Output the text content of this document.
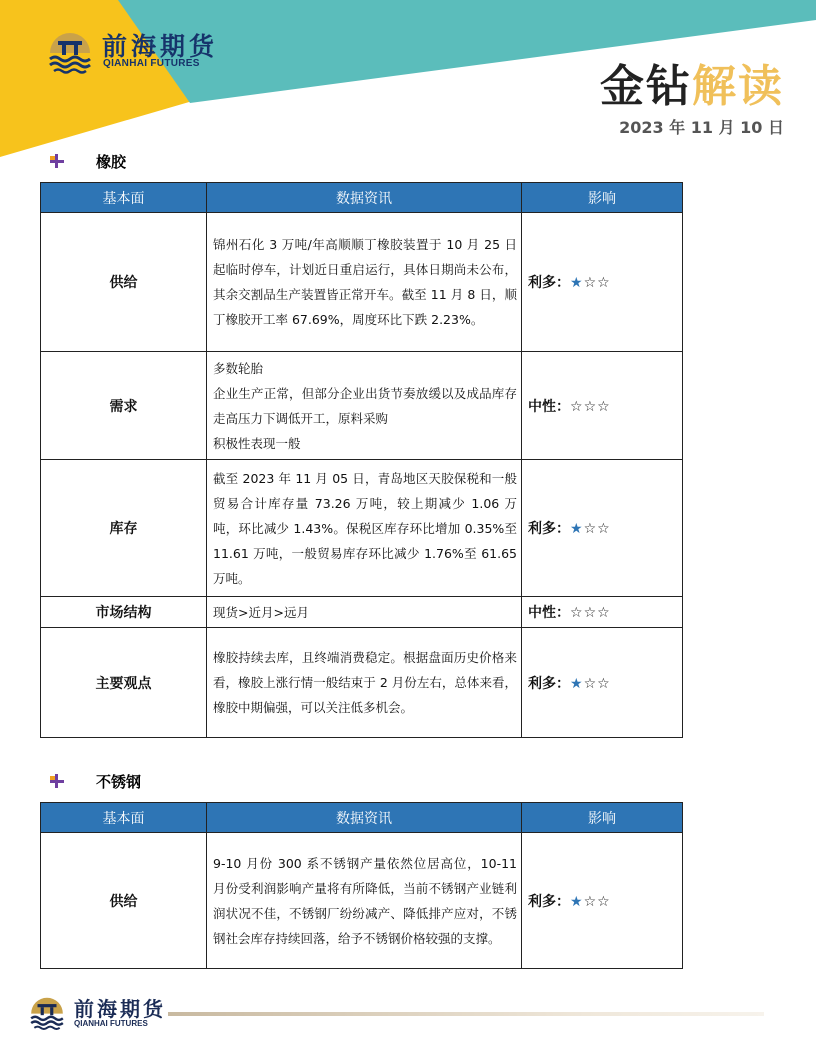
前海期货
QIANHAI FUTURES	金钻解读
2023 年 11 月 10 日
橡胶
基本面	数据资讯	影响
供给	锦州石化 3 万吨/年高顺顺丁橡胶装置于 10 月 25 日起临时停车，计划近日重启运行，具体日期尚未公布，其余交割品生产装置皆正常开车。截至 11 月 8 日，顺丁橡胶开工率 67.69%，周度环比下跌 2.23%。	利多：★☆☆
需求	多数轮胎
企业生产正常，但部分企业出货节奏放缓以及成品库存走高压力下调低开工，原料采购
积极性表现一般	中性：☆☆☆
库存	截至 2023 年 11 月 05 日，青岛地区天胶保税和一般贸易合计库存量 73.26 万吨，较上期减少 1.06 万吨，环比减少 1.43%。保税区库存环比增加 0.35%至 11.61 万吨，一般贸易库存环比减少 1.76%至 61.65 万吨。	利多：★☆☆
市场结构	现货>近月>远月	中性：☆☆☆
主要观点	橡胶持续去库，且终端消费稳定。根据盘面历史价格来看，橡胶上涨行情一般结束于 2 月份左右，总体来看，橡胶中期偏强，可以关注低多机会。	利多：★☆☆
不锈钢
基本面	数据资讯	影响
供给	9-10 月份 300 系不锈钢产量依然位居高位，10-11 月份受利润影响产量将有所降低，当前不锈钢产业链利润状况不佳，不锈钢厂纷纷减产、降低排产应对，不锈钢社会库存持续回落，给予不锈钢价格较强的支撑。	利多：★☆☆
前海期货
QIANHAI FUTURES
